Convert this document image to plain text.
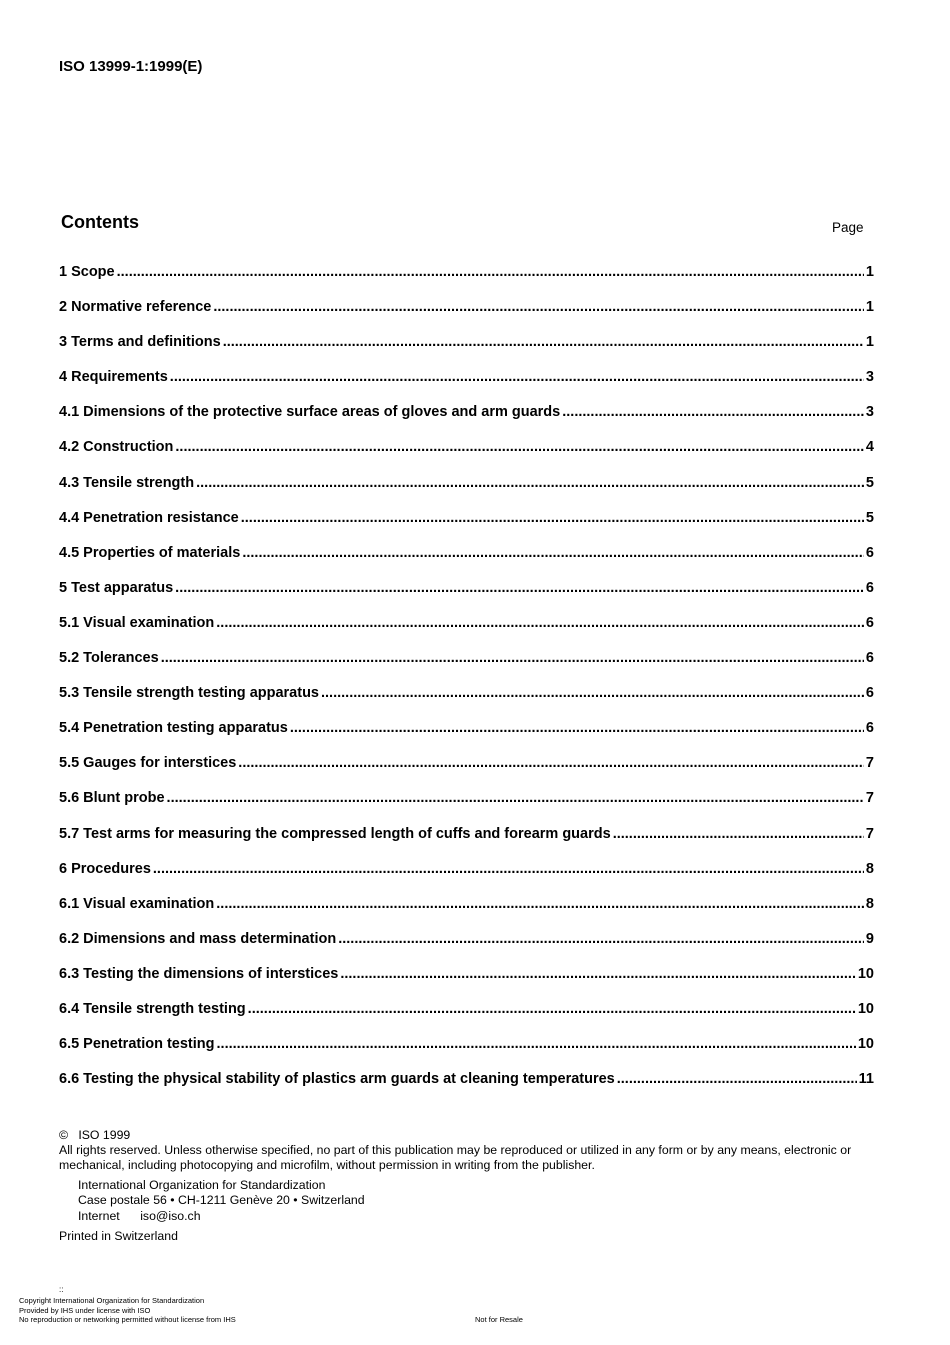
ISO 13999-1:1999(E)
Contents	Page
1 Scope .....	1
2 Normative reference .....	1
3 Terms and definitions .....	1
4 Requirements .....	3
4.1 Dimensions of the protective surface areas of gloves and arm guards .....	3
4.2 Construction .....	4
4.3 Tensile strength .....	5
4.4 Penetration resistance .....	5
4.5 Properties of materials .....	6
5 Test apparatus .....	6
5.1 Visual examination .....	6
5.2 Tolerances .....	6
5.3 Tensile strength testing apparatus .....	6
5.4 Penetration testing apparatus .....	6
5.5 Gauges for interstices .....	7
5.6 Blunt probe .....	7
5.7 Test arms for measuring the compressed length of cuffs and forearm guards .....	7
6 Procedures .....	8
6.1 Visual examination .....	8
6.2 Dimensions and mass determination .....	9
6.3 Testing the dimensions of interstices .....	10
6.4 Tensile strength testing .....	10
6.5 Penetration testing .....	10
6.6 Testing the physical stability of plastics arm guards at cleaning temperatures .....	11
© ISO 1999

All rights reserved. Unless otherwise specified, no part of this publication may be reproduced or utilized in any form or by any means, electronic or mechanical, including photocopying and microfilm, without permission in writing from the publisher.

International Organization for Standardization
Case postale 56 • CH-1211 Genève 20 • Switzerland
Internet iso@iso.ch
Printed in Switzerland
::
Copyright International Organization for Standardization
Provided by IHS under license with ISO
No reproduction or networking permitted without license from IHS	Not for Resale
